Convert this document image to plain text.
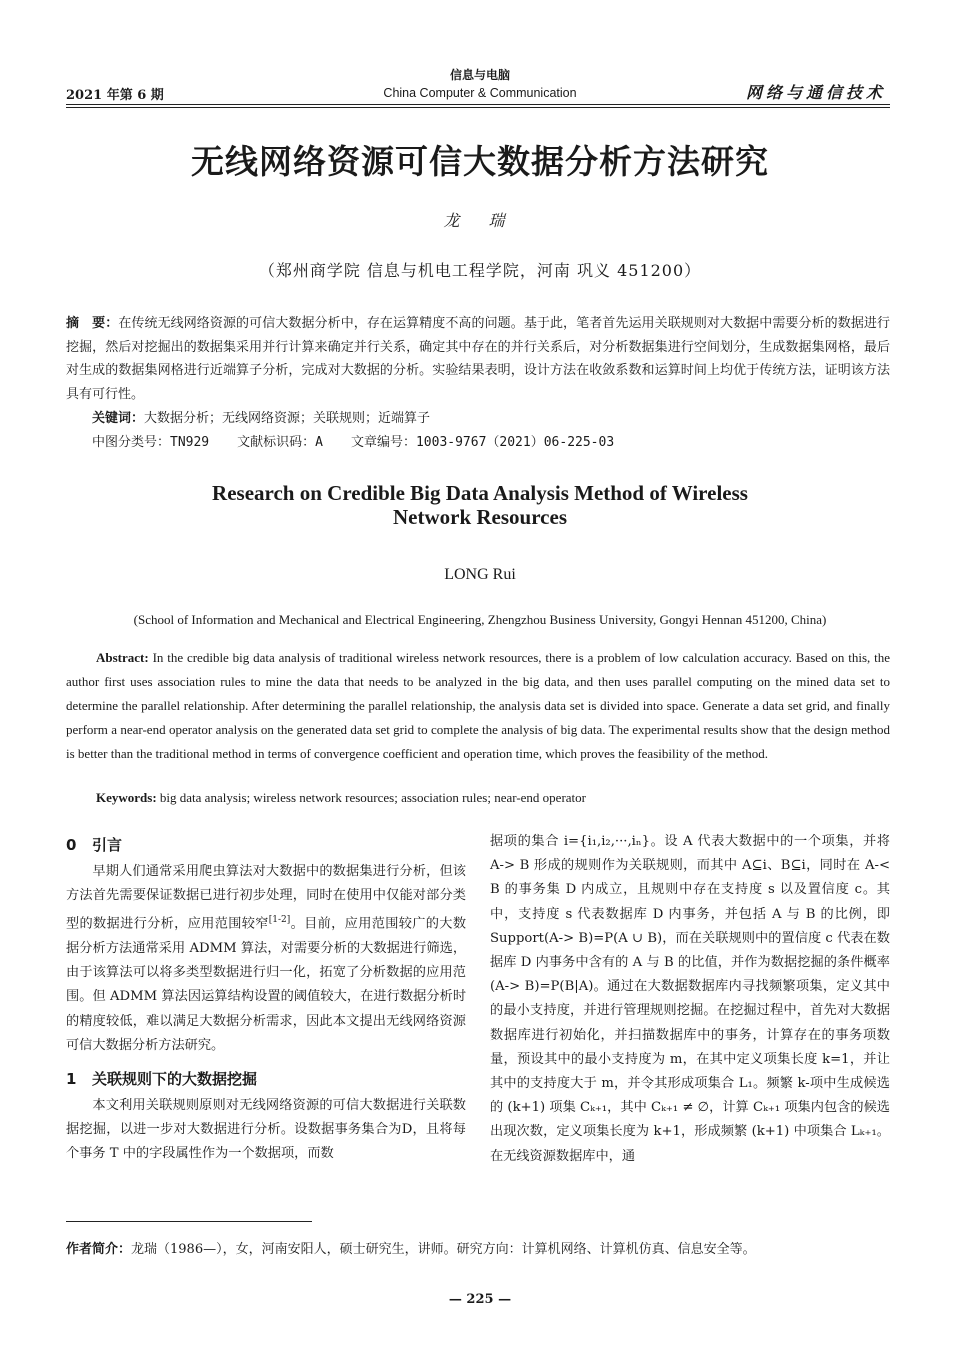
2021 年第 6 期
信息与电脑
China Computer & Communication	网络与通信技术
无线网络资源可信大数据分析方法研究
龙 瑞
（郑州商学院 信息与机电工程学院，河南 巩义 451200）
摘　要：在传统无线网络资源的可信大数据分析中，存在运算精度不高的问题。基于此，笔者首先运用关联规则对大数据中需要分析的数据进行挖掘，然后对挖掘出的数据集采用并行计算来确定并行关系，确定其中存在的并行关系后，对分析数据集进行空间划分，生成数据集网格，最后对生成的数据集网格进行近端算子分析，完成对大数据的分析。实验结果表明，设计方法在收敛系数和运算时间上均优于传统方法，证明该方法具有可行性。
关键词：大数据分析；无线网络资源；关联规则；近端算子
中图分类号：TN929 文献标识码：A 文章编号：1003-9767（2021）06-225-03
Research on Credible Big Data Analysis Method of Wireless
Network Resources
LONG Rui
(School of Information and Mechanical and Electrical Engineering, Zhengzhou Business University, Gongyi Hennan 451200, China)
Abstract: In the credible big data analysis of traditional wireless network resources, there is a problem of low calculation accuracy. Based on this, the author first uses association rules to mine the data that needs to be analyzed in the big data, and then uses parallel computing on the mined data set to determine the parallel relationship. After determining the parallel relationship, the analysis data set is divided into space. Generate a data set grid, and finally perform a near-end operator analysis on the generated data set grid to complete the analysis of big data. The experimental results show that the design method is better than the traditional method in terms of convergence coefficient and operation time, which proves the feasibility of the method.
Keywords: big data analysis; wireless network resources; association rules; near-end operator

0 引言

早期人们通常采用爬虫算法对大数据中的数据集进行分析，但该方法首先需要保证数据已进行初步处理，同时在使用中仅能对部分类型的数据进行分析，应用范围较窄[1-2]。目前，应用范围较广的大数据分析方法通常采用 ADMM 算法，对需要分析的大数据进行筛选，由于该算法可以将多类型数据进行归一化，拓宽了分析数据的应用范围。但 ADMM 算法因运算结构设置的阈值较大，在进行数据分析时的精度较低，难以满足大数据分析需求，因此本文提出无线网络资源可信大数据分析方法研究。

1 关联规则下的大数据挖掘

本文利用关联规则原则对无线网络资源的可信大数据进行关联数据挖掘，以进一步对大数据进行分析。设数据事务集合为D，且将每个事务 T 中的字段属性作为一个数据项，而数

据项的集合 i={i₁,i₂,···,iₙ}。设 A 代表大数据中的一个项集，并将 A-> B 形成的规则作为关联规则，而其中 A⊆i、B⊆i，同时在 A-< B 的事务集 D 内成立，且规则中存在支持度 s 以及置信度 c。其中，支持度 s 代表数据库 D 内事务，并包括 A 与 B 的比例，即 Support(A-> B)=P(A ∪ B)，而在关联规则中的置信度 c 代表在数据库 D 内事务中含有的 A 与 B 的比值，并作为数据挖掘的条件概率 (A-> B)=P(B|A)。通过在大数据数据库内寻找频繁项集，定义其中的最小支持度，并进行管理规则挖掘。在挖掘过程中，首先对大数据数据库进行初始化，并扫描数据库中的事务，计算存在的事务项数量，预设其中的最小支持度为 m，在其中定义项集长度 k=1，并让其中的支持度大于 m，并令其形成项集合 L₁。频繁 k-项中生成候选的 (k+1) 项集 Cₖ₊₁，其中 Cₖ₊₁ ≠ ∅，计算 Cₖ₊₁ 项集内包含的候选出现次数，定义项集长度为 k+1，形成频繁 (k+1) 中项集合 Lₖ₊₁。在无线资源数据库中，通

作者简介：龙瑞（1986—），女，河南安阳人，硕士研究生，讲师。研究方向：计算机网络、计算机仿真、信息安全等。
— 225 —
